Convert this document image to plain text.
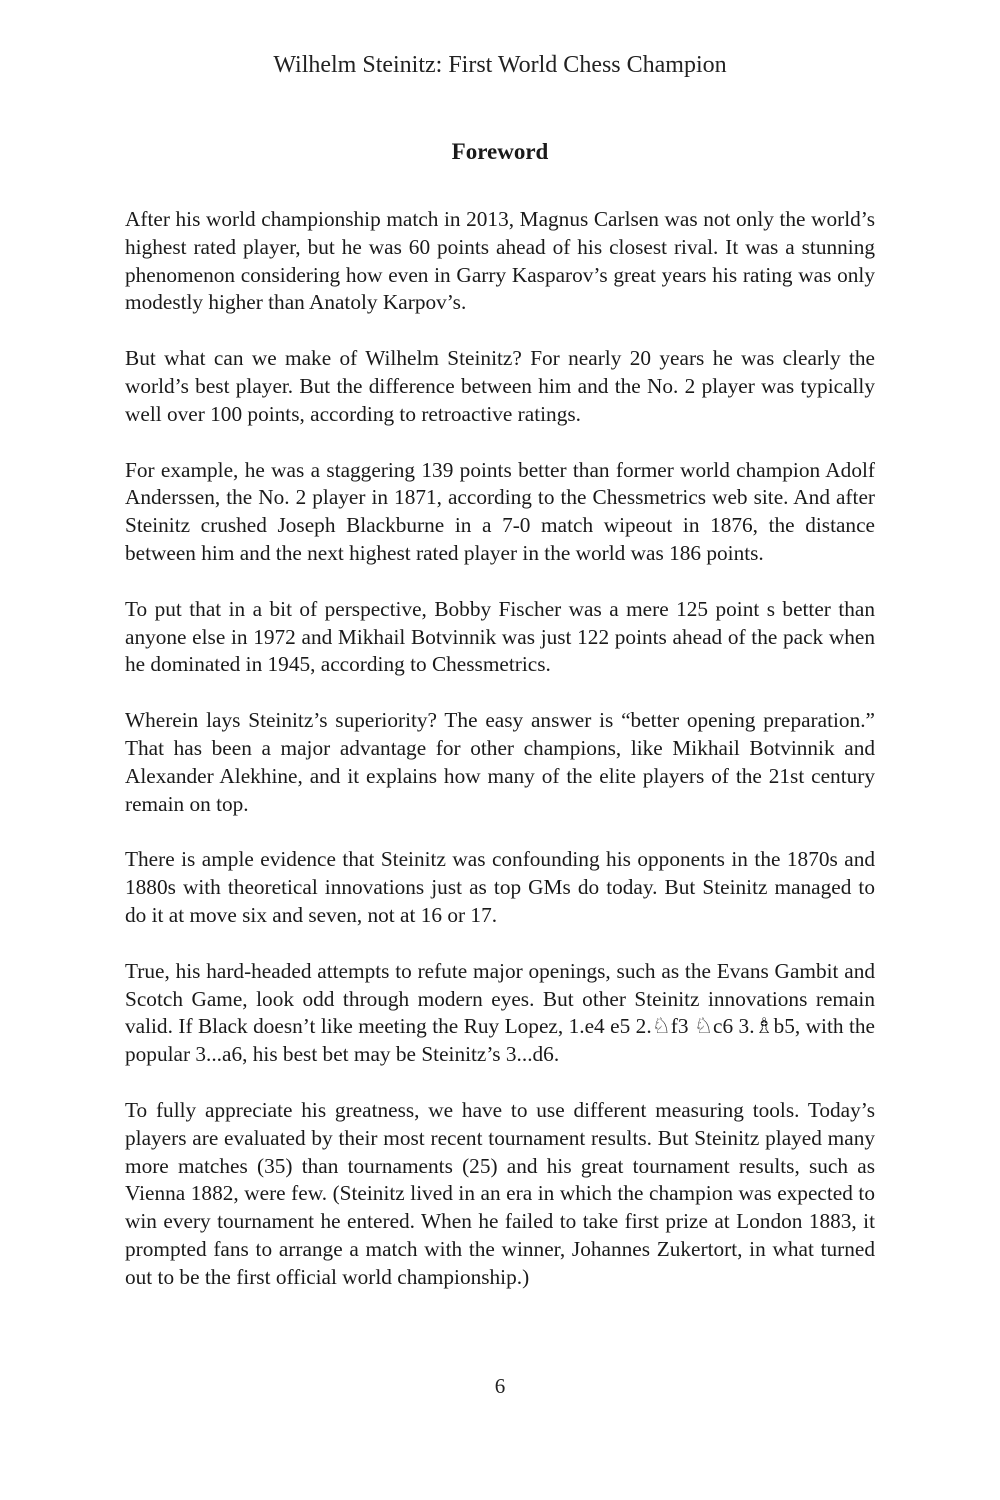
Wilhelm Steinitz: First World Chess Champion
Foreword

After his world championship match in 2013, Magnus Carlsen was not only the world’s highest rated player, but he was 60 points ahead of his closest rival. It was a stunning phenomenon considering how even in Garry Kasparov’s great years his rating was only modestly higher than Anatoly Karpov’s.

But what can we make of Wilhelm Steinitz? For nearly 20 years he was clearly the world’s best player. But the difference between him and the No. 2 player was typically well over 100 points, according to retroactive ratings.

For example, he was a staggering 139 points better than former world champion Adolf Anderssen, the No. 2 player in 1871, according to the Chessmetrics web site. And after Steinitz crushed Joseph Blackburne in a 7-0 match wipeout in 1876, the distance between him and the next highest rated player in the world was 186 points.

To put that in a bit of perspective, Bobby Fischer was a mere 125 point s better than anyone else in 1972 and Mikhail Botvinnik was just 122 points ahead of the pack when he dominated in 1945, according to Chessmetrics.

Wherein lays Steinitz’s superiority? The easy answer is “better opening preparation.” That has been a major advantage for other champions, like Mikhail Botvinnik and Alexander Alekhine, and it explains how many of the elite players of the 21st century remain on top.

There is ample evidence that Steinitz was confounding his opponents in the 1870s and 1880s with theoretical innovations just as top GMs do today. But Steinitz managed to do it at move six and seven, not at 16 or 17.

True, his hard-headed attempts to refute major openings, such as the Evans Gambit and Scotch Game, look odd through modern eyes. But other Steinitz innovations remain valid. If Black doesn’t like meeting the Ruy Lopez, 1.e4 e5 2.♘f3 ♘c6 3.♗b5, with the popular 3...a6, his best bet may be Steinitz’s 3...d6.

To fully appreciate his greatness, we have to use different measuring tools. Today’s players are evaluated by their most recent tournament results. But Steinitz played many more matches (35) than tournaments (25) and his great tournament results, such as Vienna 1882, were few. (Steinitz lived in an era in which the champion was expected to win every tournament he entered. When he failed to take first prize at London 1883, it prompted fans to arrange a match with the winner, Johannes Zukertort, in what turned out to be the first official world championship.)

6
